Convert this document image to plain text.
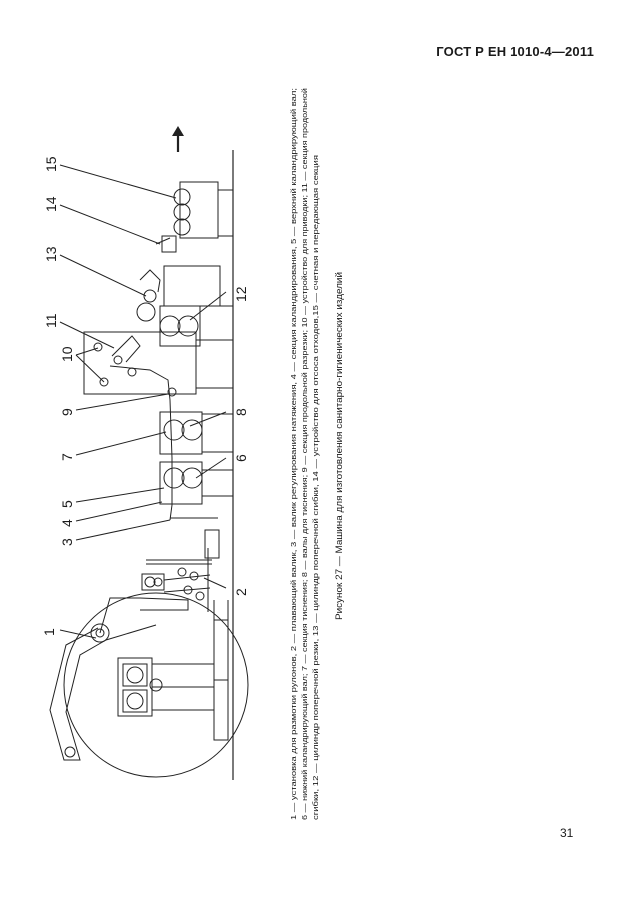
ГОСТ Р ЕН 1010-4—2011
1
2
3
4
5
6
7
8
9
10
11
12
13
14
15
1 — установка для размотки рулонов, 2 — плавающий валик, 3 — валик регулирования натяжения, 4 — секция каландрирования, 5 — верхний каландрирующий вал; 6 — нижний каландрирующий вал; 7 — секция тиснения; 8 — валы для тиснения; 9 — секция продольной разрезки; 10 — устройство для приводки; 11 — секция продольной сгибки, 12 — цилиндр поперечной резки, 13 — цилиндр поперечной сгибки, 14 — устройство для отсоса отходов,15 — счетная и передающая секция Рисунок 27 — Машина для изготовления санитарно-гигиенических изделий
31
